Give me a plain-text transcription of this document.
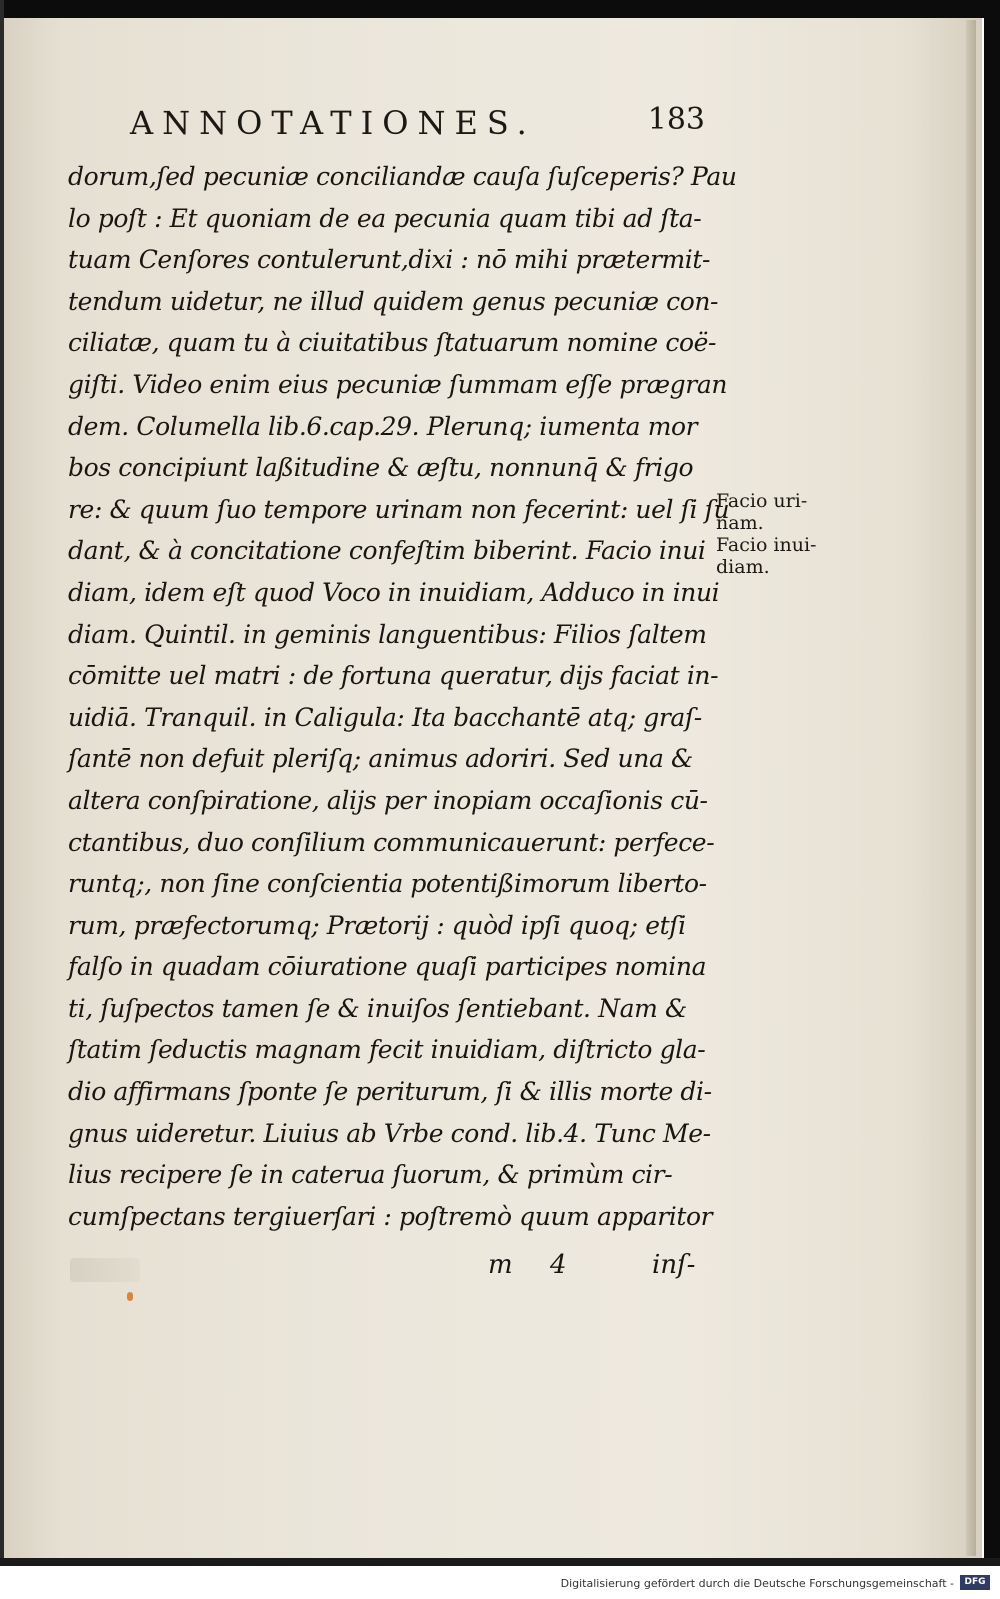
ANNOTATIONES.	183
dorum,ſed pecuniæ conciliandæ cauſa ſuſceperis? Pau
lo poſt : Et quoniam de ea pecunia quam tibi ad ſta-
tuam Cenſores contulerunt,dixi : nō mihi prætermit-
tendum uidetur, ne illud quidem genus pecuniæ con-
ciliatæ, quam tu à ciuitatibus ſtatuarum nomine coë-
giſti. Video enim eius pecuniæ ſummam eſſe prægran
dem. Columella lib.6.cap.29. Plerunq; iumenta mor
bos concipiunt laßitudine & æſtu, nonnunq̄ & frigo
re: & quum ſuo tempore urinam non fecerint: uel ſi ſu
dant, & à concitatione confeſtim biberint. Facio inui
diam, idem eſt quod Voco in inuidiam, Adduco in inui
diam. Quintil. in geminis languentibus: Filios ſaltem
cōmitte uel matri : de fortuna queratur, dijs faciat in-
uidiā. Tranquil. in Caligula: Ita bacchantē atq; graſ-
ſantē non defuit pleriſq; animus adoriri. Sed una &
altera conſpiratione, alijs per inopiam occaſionis cū-
ctantibus, duo conſilium communicauerunt: perfece-
runtq;, non ſine conſcientia potentißimorum liberto-
rum, præfectorumq; Prætorij : quòd ipſi quoq; etſi
falſo in quadam cōiuratione quaſi participes nomina
ti, ſuſpectos tamen ſe & inuiſos ſentiebant. Nam &
ſtatim ſeductis magnam fecit inuidiam, diſtricto gla-
dio affirmans ſponte ſe periturum, ſi & illis morte di-
gnus uideretur. Liuius ab Vrbe cond. lib.4. Tunc Me-
lius recipere ſe in caterua ſuorum, & primùm cir-
cumſpectans tergiuerſari : poſtremò quum apparitor
Facio uri-
nam.
Facio inui-
diam.
m 4	inſ-
Digitalisierung gefördert durch die Deutsche Forschungsgemeinschaft -	DFG
